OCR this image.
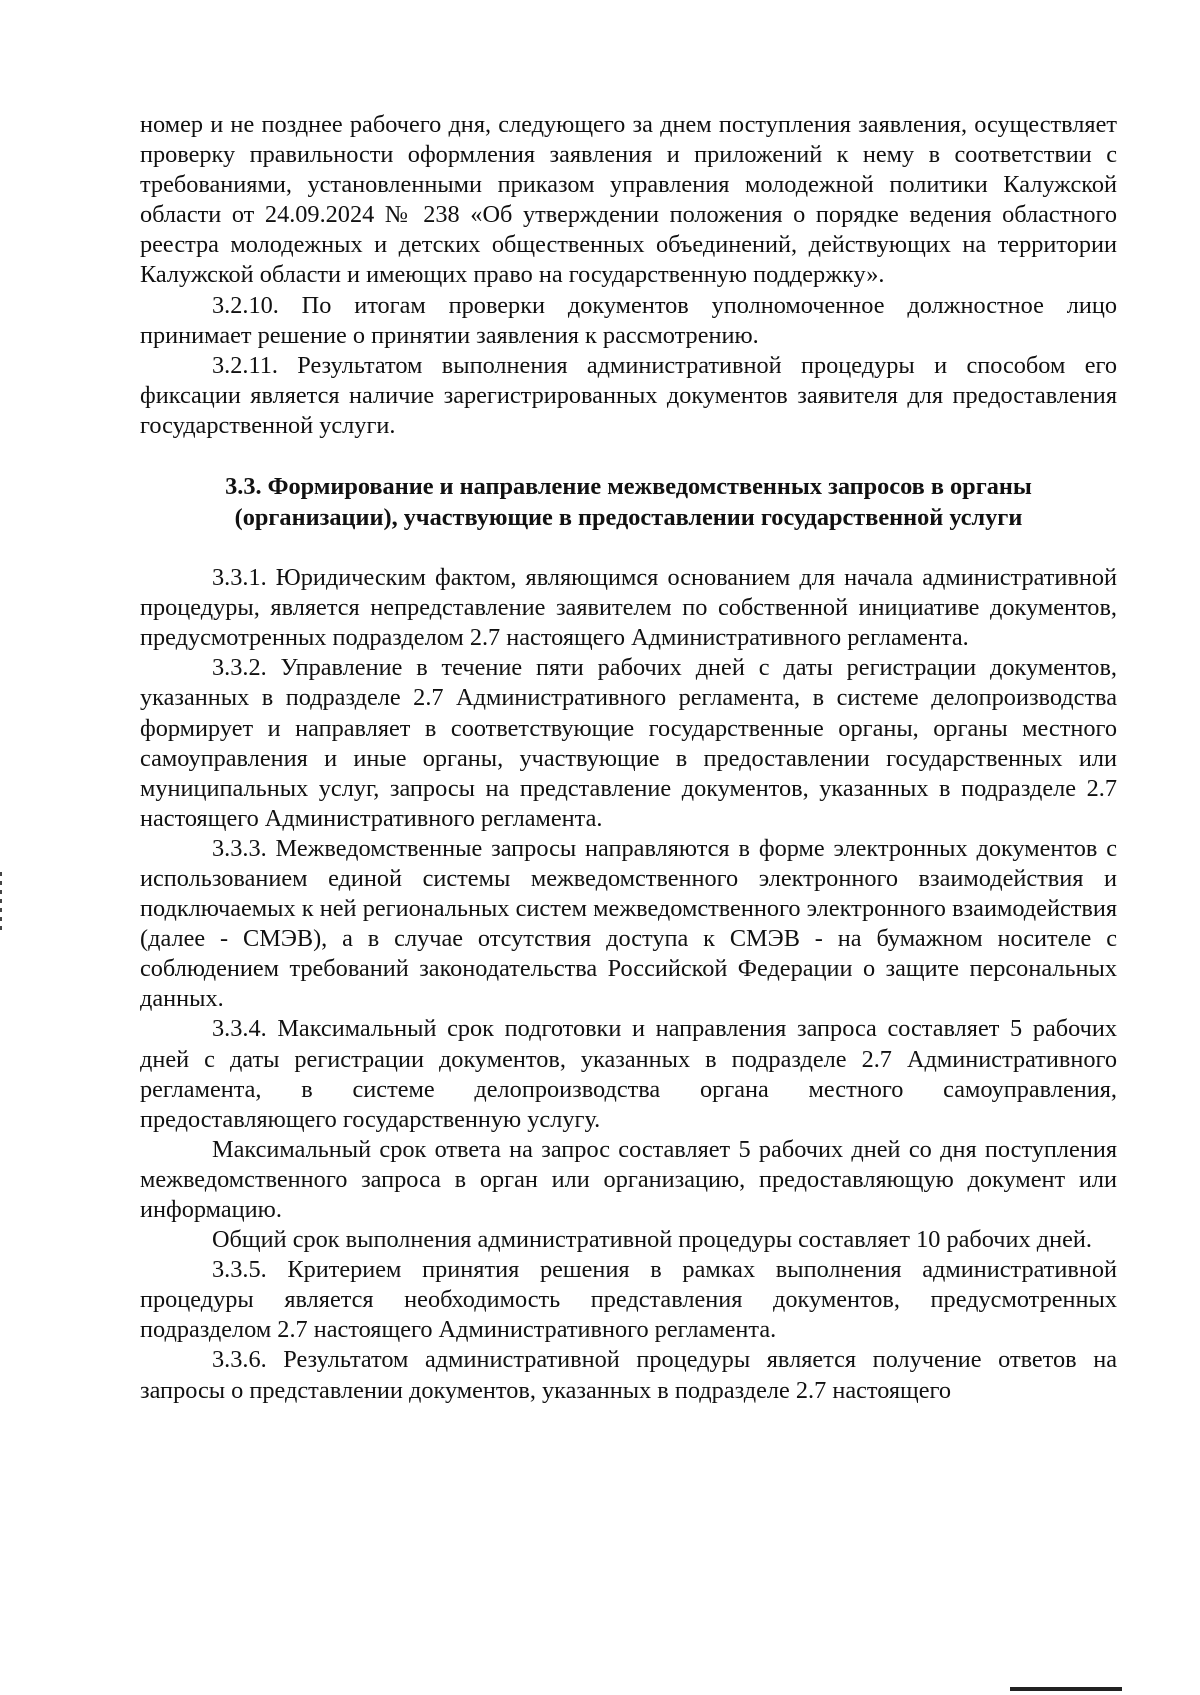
номер и не позднее рабочего дня, следующего за днем поступления заявления, осуществляет проверку правильности оформления заявления и приложений к нему в соответствии с требованиями, установленными приказом управления молодежной политики Калужской области от 24.09.2024 № 238 «Об утверждении положения о порядке ведения областного реестра молодежных и детских общественных объединений, действующих на территории Калужской области и имеющих право на государственную поддержку».

3.2.10. По итогам проверки документов уполномоченное должностное лицо принимает решение о принятии заявления к рассмотрению.

3.2.11. Результатом выполнения административной процедуры и способом его фиксации является наличие зарегистрированных документов заявителя для предоставления государственной услуги.

3.3. Формирование и направление межведомственных запросов в органы
(организации), участвующие в предоставлении государственной услуги

3.3.1. Юридическим фактом, являющимся основанием для начала административной процедуры, является непредставление заявителем по собственной инициативе документов, предусмотренных подразделом 2.7 настоящего Административного регламента.

3.3.2. Управление в течение пяти рабочих дней с даты регистрации документов, указанных в подразделе 2.7 Административного регламента, в системе делопроизводства формирует и направляет в соответствующие государственные органы, органы местного самоуправления и иные органы, участвующие в предоставлении государственных или муниципальных услуг, запросы на представление документов, указанных в подразделе 2.7 настоящего Административного регламента.

3.3.3. Межведомственные запросы направляются в форме электронных документов с использованием единой системы межведомственного электронного взаимодействия и подключаемых к ней региональных систем межведомственного электронного взаимодействия (далее - СМЭВ), а в случае отсутствия доступа к СМЭВ - на бумажном носителе с соблюдением требований законодательства Российской Федерации о защите персональных данных.

3.3.4. Максимальный срок подготовки и направления запроса составляет 5 рабочих дней с даты регистрации документов, указанных в подразделе 2.7 Административного регламента, в системе делопроизводства органа местного самоуправления, предоставляющего государственную услугу.

Максимальный срок ответа на запрос составляет 5 рабочих дней со дня поступления межведомственного запроса в орган или организацию, предоставляющую документ или информацию.

Общий срок выполнения административной процедуры составляет 10 рабочих дней.

3.3.5. Критерием принятия решения в рамках выполнения административной процедуры является необходимость представления документов, предусмотренных подразделом 2.7 настоящего Административного регламента.

3.3.6. Результатом административной процедуры является получение ответов на запросы о представлении документов, указанных в подразделе 2.7 настоящего
